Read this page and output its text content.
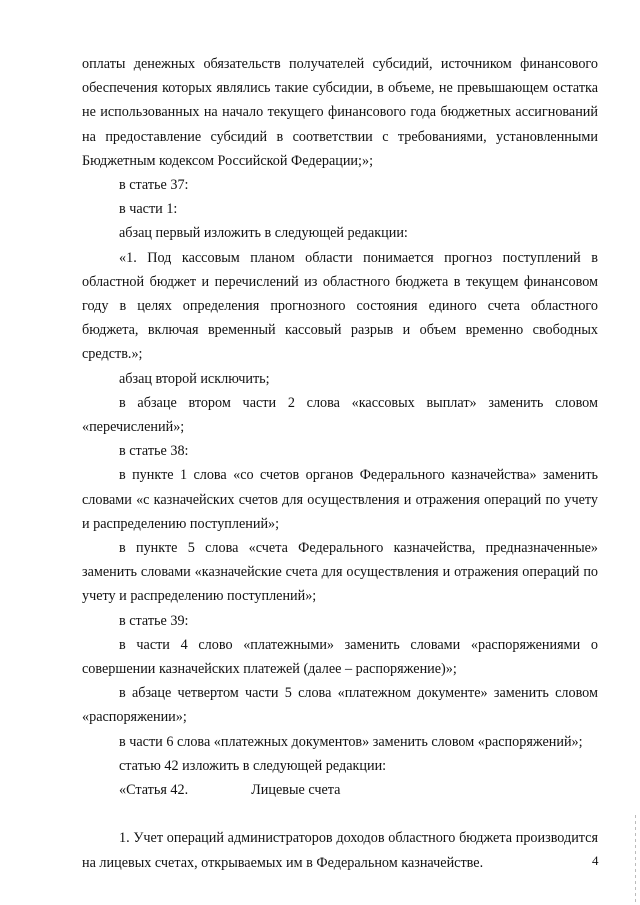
оплаты денежных обязательств получателей субсидий, источником финансового обеспечения которых являлись такие субсидии, в объеме, не превышающем остатка не использованных на начало текущего финансового года бюджетных ассигнований на предоставление субсидий в соответствии с требованиями, установленными Бюджетным кодексом Российской Федерации;»;

в статье 37:

в части 1:

абзац первый изложить в следующей редакции:

«1. Под кассовым планом области понимается прогноз поступлений в областной бюджет и перечислений из областного бюджета в текущем финансовом году в целях определения прогнозного состояния единого счета областного бюджета, включая временный кассовый разрыв и объем временно свободных средств.»;

абзац второй исключить;

в абзаце втором части 2 слова «кассовых выплат» заменить словом «перечислений»;

в статье 38:

в пункте 1 слова «со счетов органов Федерального казначейства» заменить словами «с казначейских счетов для осуществления и отражения операций по учету и распределению поступлений»;

в пункте 5 слова «счета Федерального казначейства, предназначенные» заменить словами «казначейские счета для осуществления и отражения операций по учету и распределению поступлений»;

в статье 39:

в части 4 слово «платежными» заменить словами «распоряжениями о совершении казначейских платежей (далее – распоряжение)»;

в абзаце четвертом части 5 слова «платежном документе» заменить словом «распоряжении»;

в части 6 слова «платежных документов» заменить словом «распоряжений»;

статью 42 изложить в следующей редакции:

«Статья 42.	Лицевые счета

1. Учет операций администраторов доходов областного бюджета производится на лицевых счетах, открываемых им в Федеральном казначействе.	4
